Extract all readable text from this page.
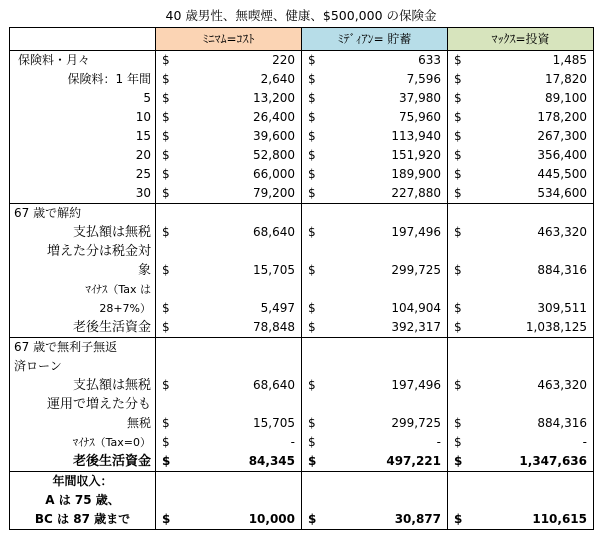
40 歳男性、無喫煙、健康、$500,000 の保険金
	ﾐﾆﾏﾑ=ｺｽﾄ		ﾐﾃﾞｨｱﾝ= 貯蓄		ﾏｯｸｽ=投資	
保険料・月々	$	220	$	633	$	1,485
保険料：1 年間	$	2,640	$	7,596	$	17,820
5	$	13,200	$	37,980	$	89,100
10	$	26,400	$	75,960	$	178,200
15	$	39,600	$	113,940	$	267,300
20	$	52,800	$	151,920	$	356,400
25	$	66,000	$	189,900	$	445,500
30	$	79,200	$	227,880	$	534,600
67 歳で解約						
支払額は無税	$	68,640	$	197,496	$	463,320
増えた分は税金対						
象	$	15,705	$	299,725	$	884,316
ﾏｲﾅｽ（Tax は						
28+7%）	$	5,497	$	104,904	$	309,511
老後生活資金	$	78,848	$	392,317	$	1,038,125
67 歳で無利子無返						
済ローン						
支払額は無税	$	68,640	$	197,496	$	463,320
運用で増えた分も						
無税	$	15,705	$	299,725	$	884,316
ﾏｲﾅｽ（Tax=0）	$	-	$	-	$	-
老後生活資金	$	84,345	$	497,221	$	1,347,636
年間収入：						
A は 75 歳、						
BC は 87 歳まで	$	10,000	$	30,877	$	110,615
